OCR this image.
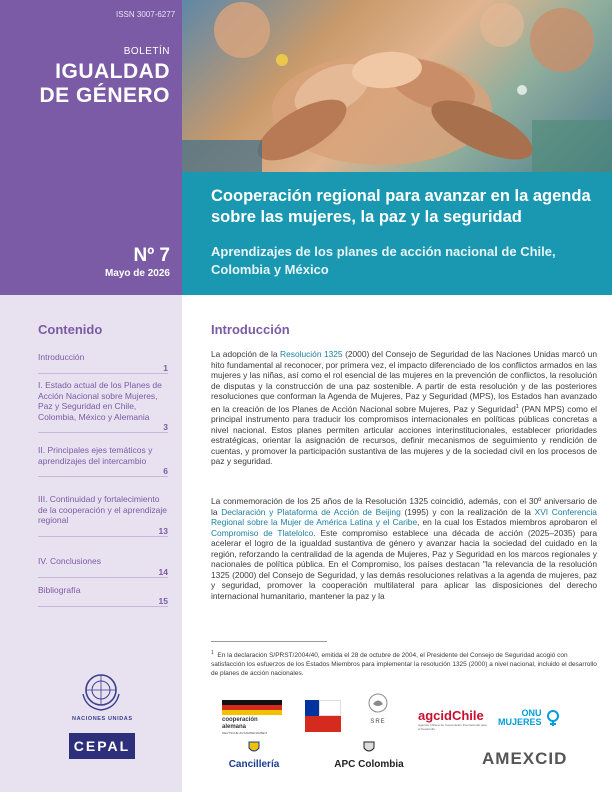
ISSN 3007-6277
BOLETÍN
IGUALDAD
DE GÉNERO
Nº 7
Mayo de 2026
Cooperación regional para avanzar en la agenda sobre las mujeres, la paz y la seguridad
Aprendizajes de los planes de acción nacional de Chile, Colombia y México
Contenido
Introducción
1
I. Estado actual de los Planes de Acción Nacional sobre Mujeres, Paz y Seguridad en Chile, Colombia, México y Alemania
3
II. Principales ejes temáticos y aprendizajes del intercambio
6
III. Continuidad y fortalecimiento de la cooperación y el aprendizaje regional
13
IV. Conclusiones
14
Bibliografía
15
NACIONES UNIDAS
CEPAL
Introducción
La adopción de la Resolución 1325 (2000) del Consejo de Seguridad de las Naciones Unidas marcó un hito fundamental al reconocer, por primera vez, el impacto diferenciado de los conflictos armados en las mujeres y las niñas, así como el rol esencial de las mujeres en la prevención de conflictos, la resolución de disputas y la construcción de una paz sostenible. A partir de esta resolución y de las posteriores resoluciones que conforman la Agenda de Mujeres, Paz y Seguridad (MPS), los Estados han avanzado en la creación de los Planes de Acción Nacional sobre Mujeres, Paz y Seguridad$^1$ (PAN MPS) como el principal instrumento para traducir los compromisos internacionales en políticas públicas concretas a nivel nacional. Estos planes permiten articular acciones interinstitucionales, establecer prioridades estratégicas, orientar la asignación de recursos, definir mecanismos de seguimiento y rendición de cuentas, y promover la participación sustantiva de las mujeres y de la sociedad civil en los procesos de paz y seguridad.
La conmemoración de los 25 años de la Resolución 1325 coincidió, además, con el 30º aniversario de la Declaración y Plataforma de Acción de Beijing (1995) y con la realización de la XVI Conferencia Regional sobre la Mujer de América Latina y el Caribe, en la cual los Estados miembros aprobaron el Compromiso de Tlatelolco. Este compromiso establece una década de acción (2025–2035) para acelerar el logro de la igualdad sustantiva de género y avanzar hacia la sociedad del cuidado en la región, reforzando la centralidad de la agenda de Mujeres, Paz y Seguridad en los marcos regionales y nacionales de política pública. En el Compromiso, los países destacan "la relevancia de la resolución 1325 (2000) del Consejo de Seguridad, y las demás resoluciones relativas a la agenda de mujeres, paz y seguridad, promover la cooperación multilateral para aplicar las disposiciones del derecho internacional humanitario, mantener la paz y la
$^1$ En la declaración S/PRST/2004/40, emitida el 28 de octubre de 2004, el Presidente del Consejo de Seguridad acogió con satisfacción los esfuerzos de los Estados Miembros para implementar la resolución 1325 (2000) a nivel nacional, incluido el desarrollo de planes de acción nacionales.
cooperación
alemana
DEUTSCHE ZUSAMMENARBEIT
SRE	agcidChile
Agencia Chilena de Cooperación Internacional para el Desarrollo
ONU
MUJERES
Cancillería	APC Colombia	AMEXCID
